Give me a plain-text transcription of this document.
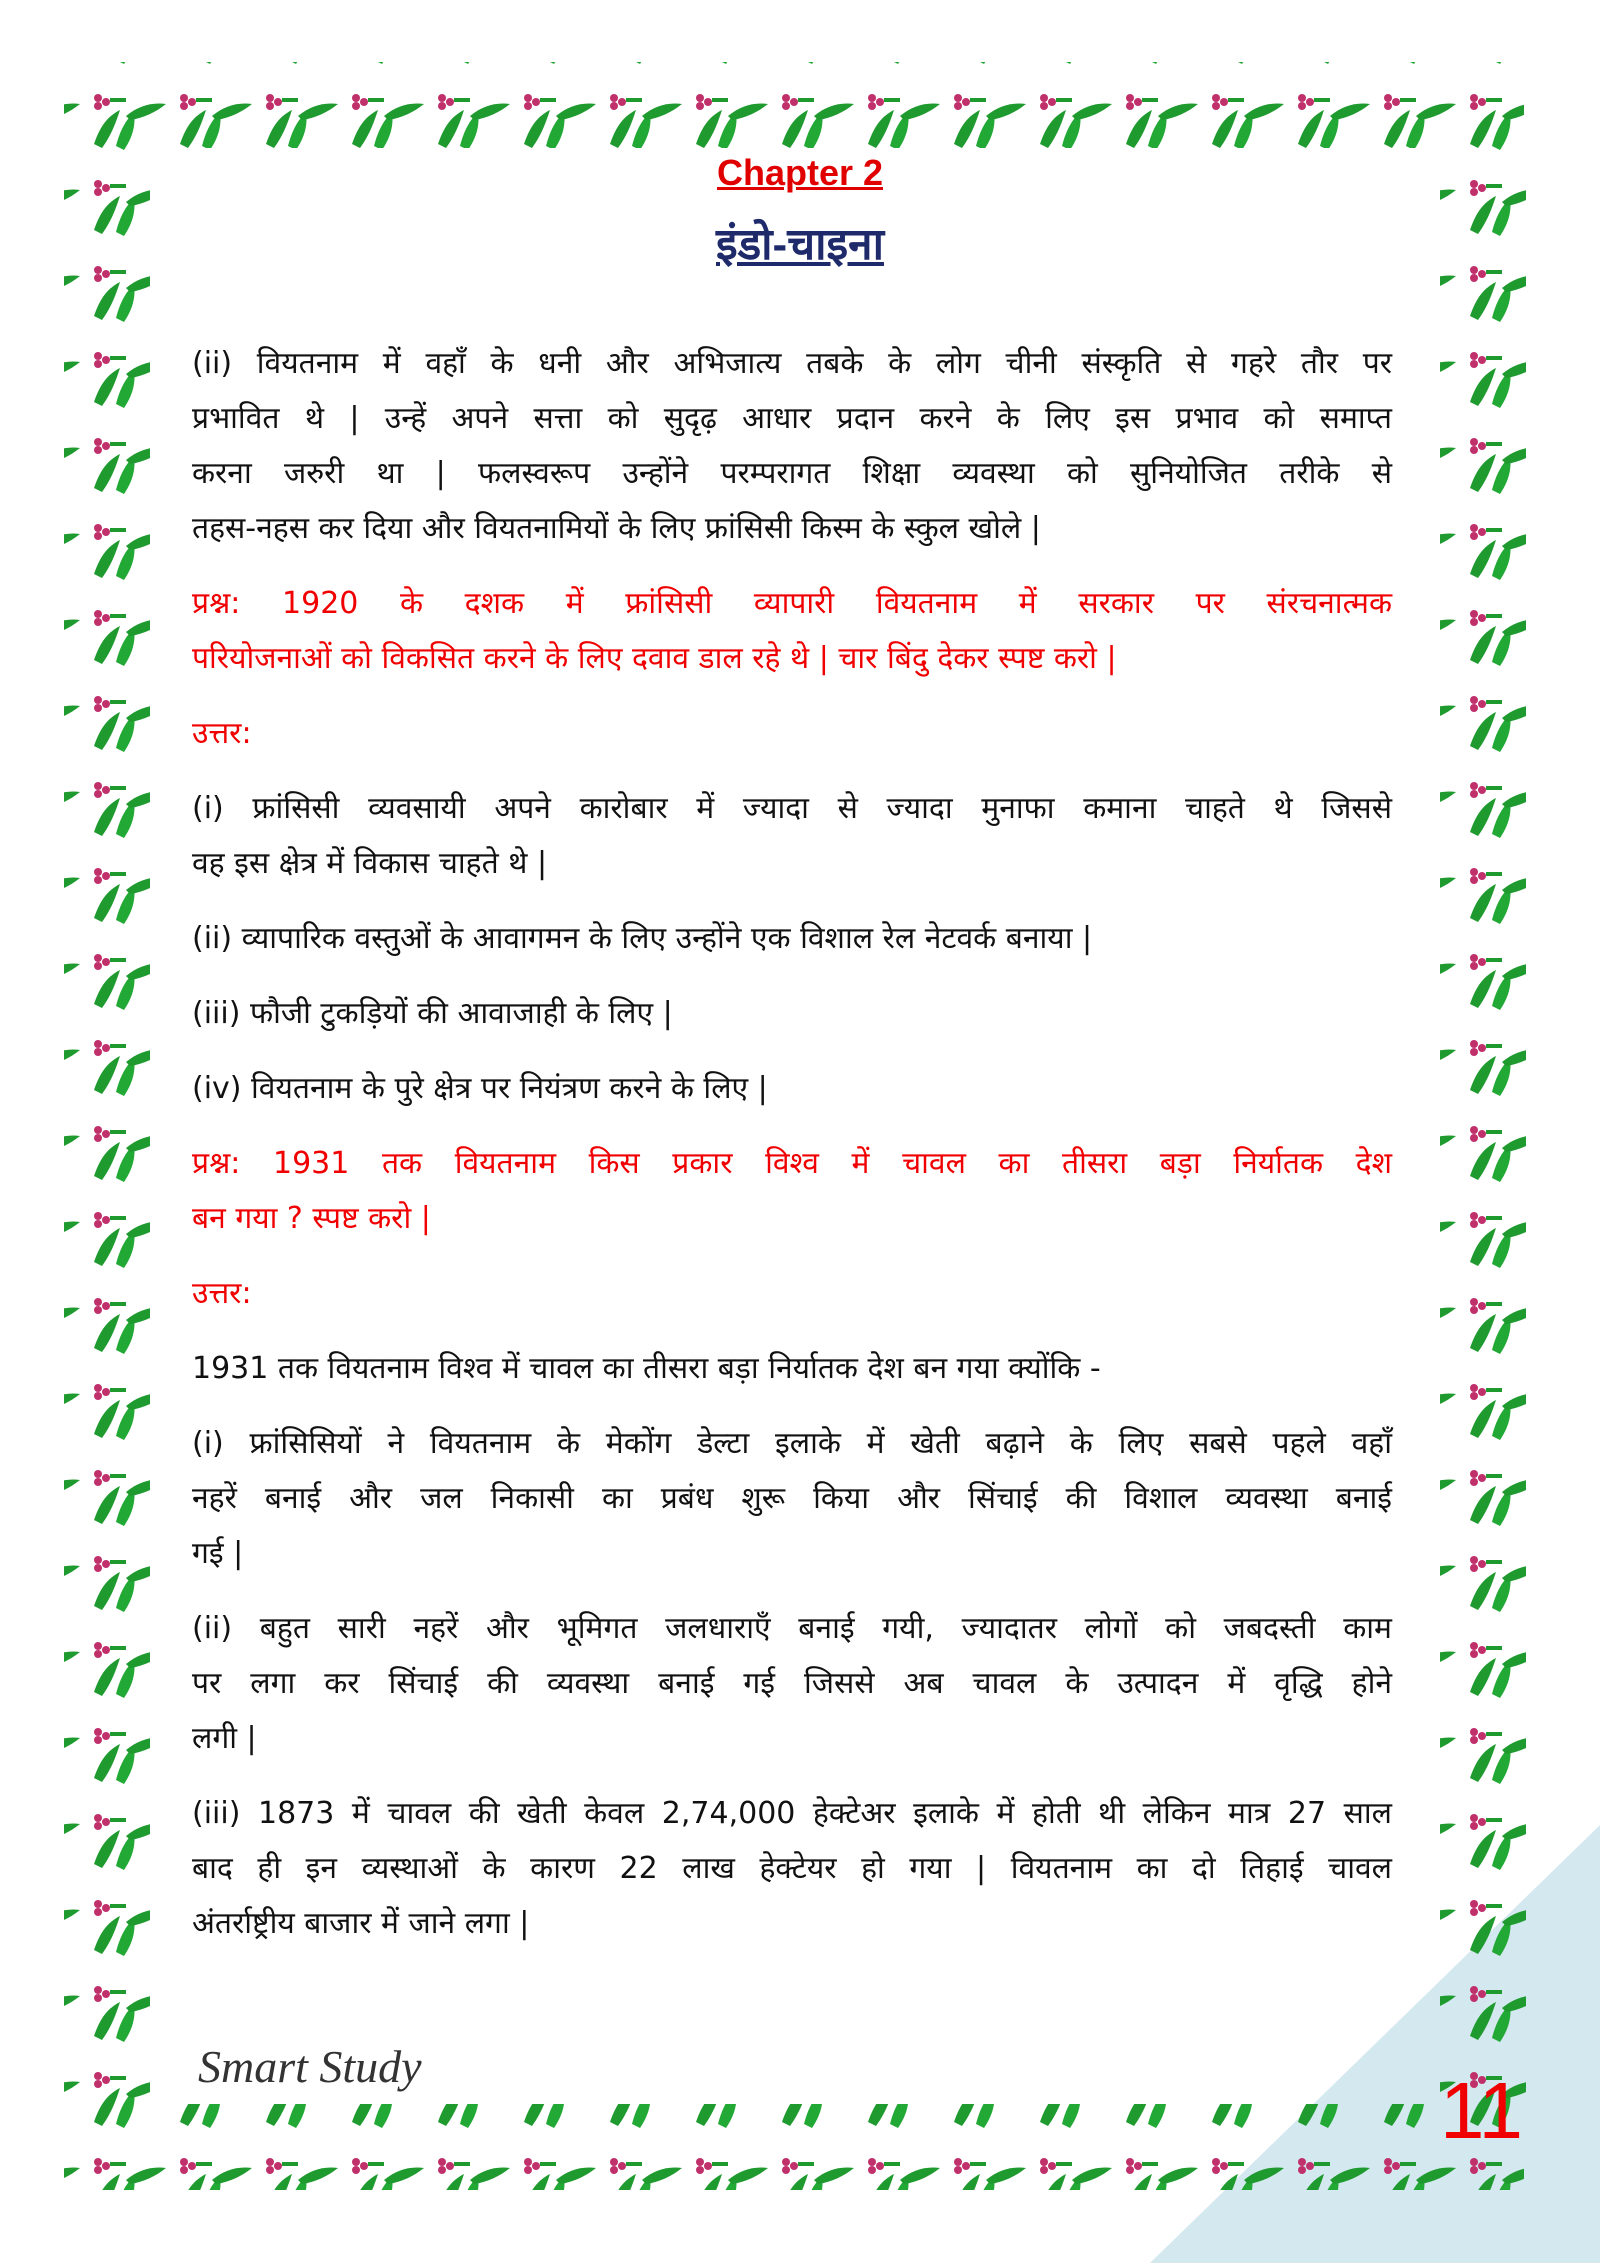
Chapter 2
इंडो-चाइना
(ii) वियतनाम में वहाँ के धनी और अभिजात्य तबके के लोग चीनी संस्कृति से गहरे तौर पर
प्रभावित थे | उन्हें अपने सत्ता को सुदृढ़ आधार प्रदान करने के लिए इस प्रभाव को समाप्त
करना जरुरी था | फलस्वरूप उन्होंने परम्परागत शिक्षा व्यवस्था को सुनियोजित तरीके से
तहस-नहस कर दिया और वियतनामियों के लिए फ्रांसिसी किस्म के स्कुल खोले |
प्रश्न: 1920 के दशक में फ्रांसिसी व्यापारी वियतनाम में सरकार पर संरचनात्मक
परियोजनाओं को विकसित करने के लिए दवाव डाल रहे थे | चार बिंदु देकर स्पष्ट करो |
उत्तर:
(i) फ्रांसिसी व्यवसायी अपने कारोबार में ज्यादा से ज्यादा मुनाफा कमाना चाहते थे जिससे
वह इस क्षेत्र में विकास चाहते थे |
(ii) व्यापारिक वस्तुओं के आवागमन के लिए उन्होंने एक विशाल रेल नेटवर्क बनाया |
(iii) फौजी टुकड़ियों की आवाजाही के लिए |
(iv) वियतनाम के पुरे क्षेत्र पर नियंत्रण करने के लिए |
प्रश्न: 1931 तक वियतनाम किस प्रकार विश्व में चावल का तीसरा बड़ा निर्यातक देश
बन गया ? स्पष्ट करो |
उत्तर:
1931 तक वियतनाम विश्व में चावल का तीसरा बड़ा निर्यातक देश बन गया क्योंकि -
(i) फ्रांसिसियों ने वियतनाम के मेकोंग डेल्टा इलाके में खेती बढ़ाने के लिए सबसे पहले वहाँ
नहरें बनाई और जल निकासी का प्रबंध शुरू किया और सिंचाई की विशाल व्यवस्था बनाई
गई |
(ii) बहुत सारी नहरें और भूमिगत जलधाराएँ बनाई गयी, ज्यादातर लोगों को जबदस्ती काम
पर लगा कर सिंचाई की व्यवस्था बनाई गई जिससे अब चावल के उत्पादन में वृद्धि होने
लगी |
(iii) 1873 में चावल की खेती केवल 2,74,000 हेक्टेअर इलाके में होती थी लेकिन मात्र 27 साल
बाद ही इन व्यस्थाओं के कारण 22 लाख हेक्टेयर हो गया | वियतनाम का दो तिहाई चावल
अंतर्राष्ट्रीय बाजार में जाने लगा |
Smart Study	11
